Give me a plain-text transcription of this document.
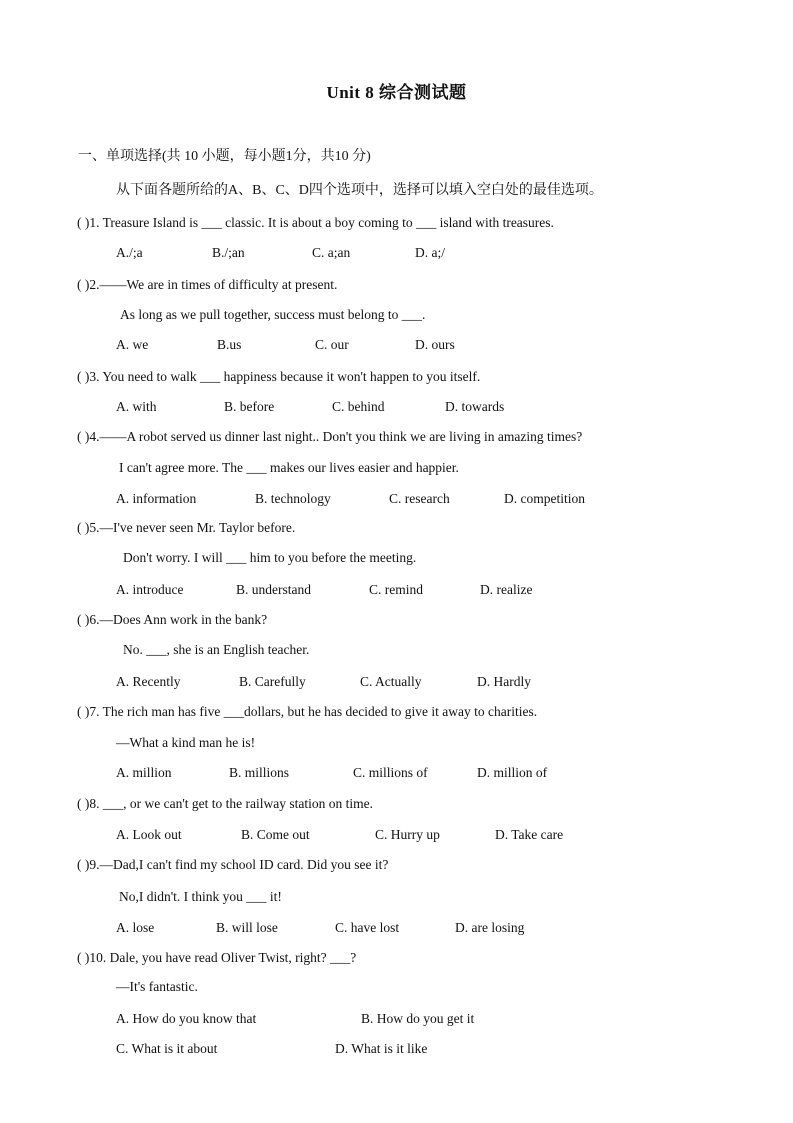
Unit 8 综合测试题
一、单项选择(共 10 小题，每小题1分，共10 分)
从下面各题所给的A、B、C、D四个选项中，选择可以填入空白处的最佳选项。
( )1. Treasure Island is ___ classic. It is about a boy coming to ___ island with treasures.
A./;a	B./;an	C. a;an	D. a;/
( )2.——We are in times of difficulty at present.
As long as we pull together, success must belong to ___.
A. we	B.us	C. our	D. ours
( )3. You need to walk ___ happiness because it won't happen to you itself.
A. with	B. before	C. behind	D. towards
( )4.——A robot served us dinner last night.. Don't you think we are living in amazing times?
I can't agree more. The ___ makes our lives easier and happier.
A. information	B. technology	C. research	D. competition
( )5.—I've never seen Mr. Taylor before.
Don't worry. I will ___ him to you before the meeting.
A. introduce	B. understand	C. remind	D. realize
( )6.—Does Ann work in the bank?
No. ___, she is an English teacher.
A. Recently	B. Carefully	C. Actually	D. Hardly
( )7. The rich man has five ___dollars, but he has decided to give it away to charities.
—What a kind man he is!
A. million	B. millions	C. millions of	D. million of
( )8. ___, or we can't get to the railway station on time.
A. Look out	B. Come out	C. Hurry up	D. Take care
( )9.—Dad,I can't find my school ID card. Did you see it?
No,I didn't. I think you ___ it!
A. lose	B. will lose	C. have lost	D. are losing
( )10. Dale, you have read Oliver Twist, right? ___?
—It's fantastic.
A. How do you know that	B. How do you get it
C. What is it about	D. What is it like
